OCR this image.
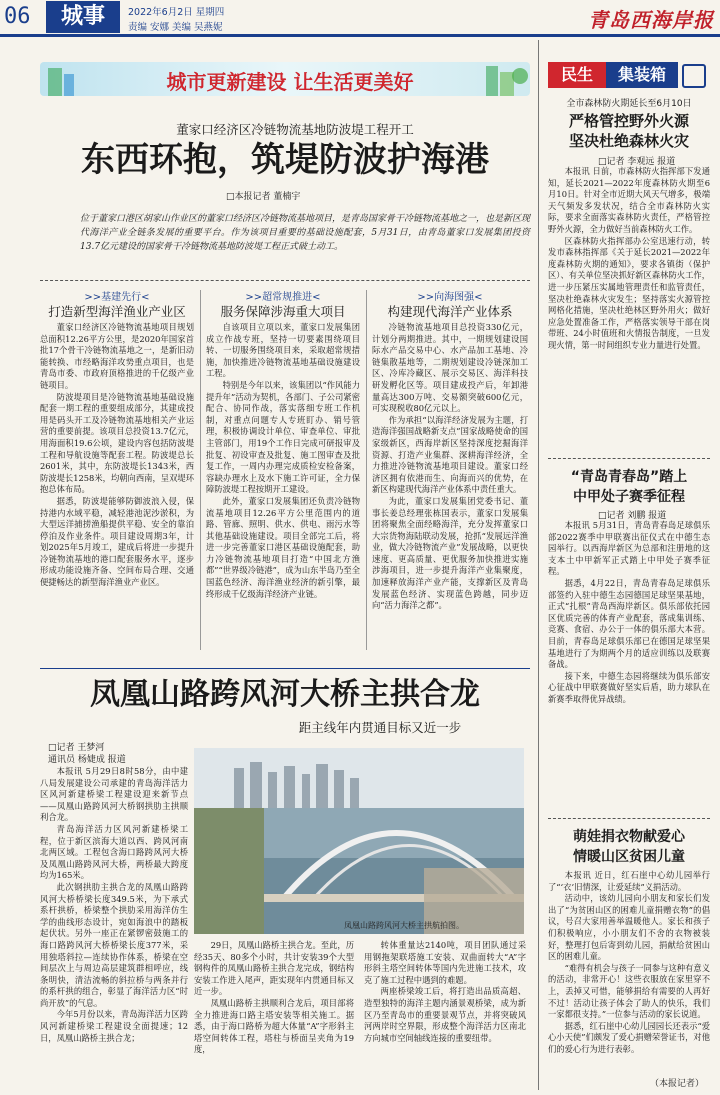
06	城事	2022年6月2日 星期四
责编 安娜 美编 吴燕妮	青岛西海岸报
城市更新建设 让生活更美好
董家口经济区冷链物流基地防波堤工程开工
东西环抱，筑堤防波护海港
□本报记者 董楠宇
位于董家口港区胡家山作业区的董家口经济区冷链物流基地项目，是青岛国家骨干冷链物流基地之一，也是新区现代海洋产业全链条发展的重要平台。作为该项目重要的基础设施配套，5月31日，由青岛董家口发展集团投资13.7亿元建设的国家骨干冷链物流基地防波堤工程正式破土动工。
>>基建先行<
打造新型海洋渔业产业区

董家口经济区冷链物流基地项目规划总面积12.26平方公里，是2020年国家首批17个骨干冷链物流基地之一，是新旧动能转换、市经略海洋攻势重点项目，也是青岛市委、市政府顶格推进的千亿级产业链项目。

防波堤项目是冷链物流基地基础设施配套一期工程的重要组成部分，其建成投用是码头开工及冷链物流基地相关产业运营的重要前提。该项目总投资13.7亿元，用海面积19.6公顷，建设内容包括防波堤工程和导航设施等配套工程。防波堤总长2601米，其中，东防波堤长1343米，西防波堤长1258米，均朝向西南，呈双堤环抱总体布局。

据悉，防波堤能够防御波浪入侵，保持港内水域平稳，减轻港池泥沙淤积，为大型远洋捕捞渔船提供平稳、安全的靠泊停泊及作业条件。项目建设周期3年，计划2025年5月竣工，建成后将进一步提升冷链物流基地的港口配套服务水平，逐步形成功能设施齐备、空间布局合理、交通便捷畅达的新型海洋渔业产业区。

>>超常规推进<
服务保障涉海重大项目

自该项目立项以来，董家口发展集团成立作战专班，坚持一切要素围绕项目转、一切服务围绕项目来，采取超常规措施，加快推进冷链物流基地基础设施建设工程。

特别是今年以来，该集团以“作风能力提升年”活动为契机，各部门、子公司紧密配合、协同作战，落实落细专班工作机制，对重点问题专人专班盯办、销号管理，积极协调设计单位、审查单位、审批主管部门，用19个工作日完成可研报审及批复、初设审查及批复、施工图审查及批复工作，一周内办理完成质检安检备案，容缺办理水上及水下施工许可证，全力保障防波堤工程按期开工建设。

此外，董家口发展集团还负责冷链物流基地项目12.26平方公里范围内的道路、管廊、照明、供水、供电、雨污水等其他基础设施建设。项目全部完工后，将进一步完善董家口港区基础设施配套，助力冷链物流基地项目打造“中国北方渔都”“世界级冷链港”，成为山东半岛乃至全国蓝色经济、海洋渔业经济的新引擎，最终形成千亿级海洋经济产业链。

>>向海图强<
构建现代海洋产业体系

冷链物流基地项目总投资330亿元，计划分两期推进。其中，一期规划建设国际水产品交易中心、水产品加工基地、冷链集散基地等，二期规划建设冷链深加工区、冷库冷藏区、展示交易区、海洋科技研发孵化区等。项目建成投产后，年卸港量高达300万吨、交易额突破600亿元，可实现税收80亿元以上。

作为承担“以海洋经济发展为主题，打造海洋强国战略新支点”国家战略使命的国家级新区，西海岸新区坚持深度挖掘海洋资源、打造产业集群、深耕海洋经济，全力推进冷链物流基地项目建设。董家口经济区拥有依港而生、向海而兴的优势，在新区构建现代海洋产业体系中责任重大。

为此，董家口发展集团党委书记、董事长姜总经理张栋国表示，董家口发展集团将聚焦全面经略海洋，充分发挥董家口大宗货物海陆联动发展，抢抓“发展远洋渔业，做大冷链物流产业”发展战略，以更快速度、更高质量、更优服务加快推进实施涉海项目，进一步提升海洋产业集聚度，加速释放海洋产业产能，支撑新区及青岛发展蓝色经济、实现蓝色跨越，同步迈向“活力海洋之都”。

凤凰山路跨风河大桥主拱合龙
距主线年内贯通目标又近一步
□记者 王梦河
通讯员 杨婕成 报道

本报讯 5月29日8时58分，由中建八局发展建设公司承建的青岛海洋活力区风河新建桥梁工程建设迎来新节点——凤凰山路跨风河大桥钢拱肋主拱顺利合龙。

青岛海洋活力区风河新建桥梁工程，位于新区滨海大道以西、跨风河南北两区域。工程包含海口路跨风河大桥及凤凰山路跨风河大桥，两桥最大跨度均为165米。

此次钢拱肋主拱合龙的凤凰山路跨风河大桥桥梁长度349.5米，为下承式系杆拱桥，桥梁整个拱肋采用海洋仿生学的曲线形态设计，宛如海浪中的踏板起伏状。另外一座正在紧锣密鼓施工的海口路跨风河大桥桥梁长度377米，采用独塔斜拉—连续协作体系，桥梁在空间层次上与周边高层建筑群相呼应，线条明快，清洁流畅的斜拉桥与两条并行的系杆拱的组合，彰显了海洋活力区“时尚开放”的气息。

今年5月份以来，青岛海洋活力区跨风河新建桥梁工程建设全面提速；12日，凤凰山路桥主拱合龙；

凤凰山路跨风河大桥主拱航拍图。

29日，凤凰山路桥主拱合龙。至此，历经35天、80多个小时，共计安装39个大型钢构件的凤凰山路桥主拱合龙完成，钢结构安装工作进入尾声，距实现年内贯通目标又近一步。

凤凰山路桥主拱顺利合龙后，项目部将全力推进海口路主塔安装等相关施工。据悉，由于海口路桥为超大体量“A”字形斜主塔空间转体工程，塔柱与桥面呈夹角为19度，

转体重量达2140吨，项目团队通过采用钢拖架联塔施工安装、双曲面转大“A”字形斜主塔空间转体等国内先进施工技术，攻克了施工过程中遇到的难题。

两座桥梁竣工后，将打造出品质高超、造型独特的海洋主题内涵景观桥梁，成为新区乃至青岛市的重要景观节点，并将突破风河两岸时空界限，形成整个海洋活力区南北方向城市空间轴线连接的重要纽带。

民生	集装箱
全市森林防火期延长至6月10日
严格管控野外火源
坚决杜绝森林火灾
□记者 李观远 报道

本报讯 日前，市森林防火指挥部下发通知，延长2021—2022年度森林防火期至6月10日。针对全市近期大风天气增多，极端天气频发多发状况，结合全市森林防火实际，要求全面落实森林防火责任，严格管控野外火源，全力做好当前森林防火工作。

区森林防火指挥部办公室迅速行动，转发市森林指挥部《关于延长2021—2022年度森林防火期的通知》，要求各镇街（保护区）、有关单位坚决抓好新区森林防火工作，进一步压紧压实属地管理责任和监管责任，坚决杜绝森林火灾发生；坚持落实火源管控网格化措施，坚决杜绝林区野外用火；做好应急处置准备工作，严格落实领导干部在岗带班、24小时值班和火情报告制度，一旦发现火情，第一时间组织专业力量进行处置。

“青岛青春岛”踏上
中甲处子赛季征程
□记者 刘鹏 报道

本报讯 5月31日，青岛青春岛足球俱乐部2022赛季中甲联赛出征仪式在中德生态园举行。以西海岸新区为总部和注册地的这支本土中甲新军正式踏上中甲处子赛季征程。

据悉，4月22日，青岛青春岛足球俱乐部签约入驻中德生态园德国足球坚果基地，正式“扎根”青岛西海岸新区。俱乐部依托园区优质完善的体育产业配套，落成集训练、竞赛、食宿、办公于一体的俱乐部大本营。目前，青春岛足球俱乐部已在德国足球坚果基地进行了为期两个月的适应训练以及联赛备战。

接下来，中德生态园将继续为俱乐部安心征战中甲联赛做好坚实后盾，助力球队在新赛季取得优异战绩。

萌娃捐衣物献爱心
情暖山区贫困儿童

本报讯 近日，红石崖中心幼儿园举行了“‘衣’旧情深，让爱延续”义捐活动。

活动中，该幼儿园向小朋友和家长们发出了“为贫困山区的困难儿童捐赠衣物”的倡议，号召大家用善举温暖他人。家长和孩子们积极响应，小小朋友们不舍的衣物被装好，整理打包后寄到幼儿园，捐献给贫困山区的困难儿童。

“难得有机会与孩子一同参与这种有意义的活动，非常开心！这些衣服放在家里穿不上，丢掉又可惜，能够捐给有需要的人再好不过！活动让孩子体会了助人的快乐，我们一家都很支持。”一位参与活动的家长说道。

据悉，红石崖中心幼儿园园长还表示“爱心小天使”们颇发了爱心捐赠荣誉证书，对他们的爱心行为进行表彰。

（本报记者）
